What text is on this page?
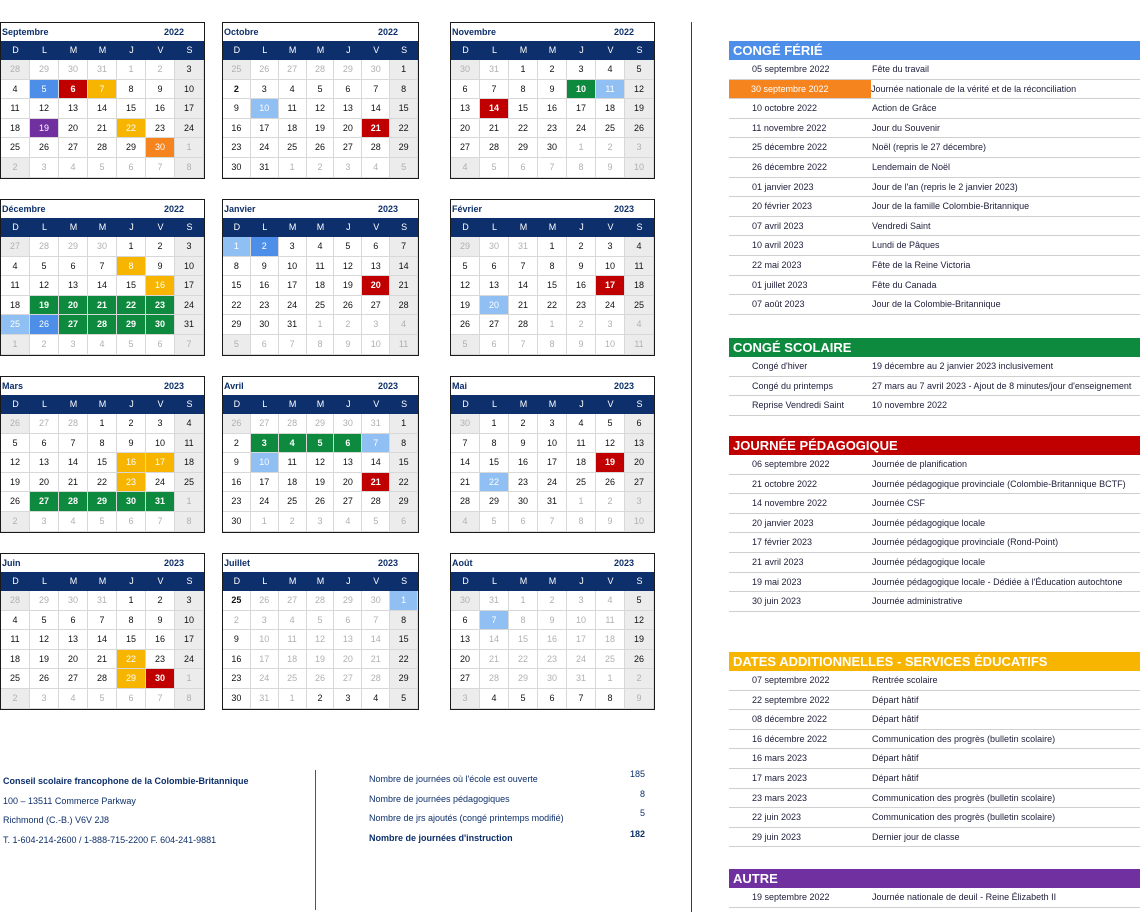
Septembre	2022
D	L	M	M	J	V	S
28	29	30	31	1	2	3
4	5	6	7	8	9	10
11	12	13	14	15	16	17
18	19	20	21	22	23	24
25	26	27	28	29	30	1
2	3	4	5	6	7	8
Octobre	2022
D	L	M	M	J	V	S
25	26	27	28	29	30	1
2	3	4	5	6	7	8
9	10	11	12	13	14	15
16	17	18	19	20	21	22
23	24	25	26	27	28	29
30	31	1	2	3	4	5
Novembre	2022
D	L	M	M	J	V	S
30	31	1	2	3	4	5
6	7	8	9	10	11	12
13	14	15	16	17	18	19
20	21	22	23	24	25	26
27	28	29	30	1	2	3
4	5	6	7	8	9	10
Décembre	2022
D	L	M	M	J	V	S
27	28	29	30	1	2	3
4	5	6	7	8	9	10
11	12	13	14	15	16	17
18	19	20	21	22	23	24
25	26	27	28	29	30	31
1	2	3	4	5	6	7
Janvier	2023
D	L	M	M	J	V	S
1	2	3	4	5	6	7
8	9	10	11	12	13	14
15	16	17	18	19	20	21
22	23	24	25	26	27	28
29	30	31	1	2	3	4
5	6	7	8	9	10	11
Février	2023
D	L	M	M	J	V	S
29	30	31	1	2	3	4
5	6	7	8	9	10	11
12	13	14	15	16	17	18
19	20	21	22	23	24	25
26	27	28	1	2	3	4
5	6	7	8	9	10	11
Mars	2023
D	L	M	M	J	V	S
26	27	28	1	2	3	4
5	6	7	8	9	10	11
12	13	14	15	16	17	18
19	20	21	22	23	24	25
26	27	28	29	30	31	1
2	3	4	5	6	7	8
Avril	2023
D	L	M	M	J	V	S
26	27	28	29	30	31	1
2	3	4	5	6	7	8
9	10	11	12	13	14	15
16	17	18	19	20	21	22
23	24	25	26	27	28	29
30	1	2	3	4	5	6
Mai	2023
D	L	M	M	J	V	S
30	1	2	3	4	5	6
7	8	9	10	11	12	13
14	15	16	17	18	19	20
21	22	23	24	25	26	27
28	29	30	31	1	2	3
4	5	6	7	8	9	10
Juin	2023
D	L	M	M	J	V	S
28	29	30	31	1	2	3
4	5	6	7	8	9	10
11	12	13	14	15	16	17
18	19	20	21	22	23	24
25	26	27	28	29	30	1
2	3	4	5	6	7	8
Juillet	2023
D	L	M	M	J	V	S
25	26	27	28	29	30	1
2	3	4	5	6	7	8
9	10	11	12	13	14	15
16	17	18	19	20	21	22
23	24	25	26	27	28	29
30	31	1	2	3	4	5
Août	2023
D	L	M	M	J	V	S
30	31	1	2	3	4	5
6	7	8	9	10	11	12
13	14	15	16	17	18	19
20	21	22	23	24	25	26
27	28	29	30	31	1	2
3	4	5	6	7	8	9
CONGÉ FÉRIÉ
05 septembre 2022	Fête du travail
30 septembre 2022	Journée nationale de la vérité et de la réconciliation
10 octobre 2022	Action de Grâce
11 novembre 2022	Jour du Souvenir
25 décembre 2022	Noël (repris le 27 décembre)
26 décembre 2022	Lendemain de Noël
01 janvier 2023	Jour de l'an (repris le 2 janvier 2023)
20 février 2023	Jour de la famille Colombie-Britannique
07 avril 2023	Vendredi Saint
10 avril 2023	Lundi de Pâques
22 mai 2023	Fête de la Reine Victoria
01 juillet 2023	Fête du Canada
07 août 2023	Jour de la Colombie-Britannique
CONGÉ SCOLAIRE
Congé d'hiver	19 décembre au 2 janvier 2023 inclusivement
Congé du printemps	27 mars au 7 avril 2023 - Ajout de 8 minutes/jour d'enseignement
Reprise Vendredi Saint	10 novembre 2022
JOURNÉE PÉDAGOGIQUE
06 septembre 2022	Journée de planification
21 octobre 2022	Journée pédagogique provinciale (Colombie-Britannique BCTF)
14 novembre 2022	Journée CSF
20 janvier 2023	Journée pédagogique locale
17 février 2023	Journée pédagogique provinciale (Rond-Point)
21 avril 2023	Journée pédagogique locale
19 mai 2023	Journée pédagogique locale - Dédiée à l'Éducation autochtone
30 juin 2023	Journée administrative
DATES ADDITIONNELLES - SERVICES ÉDUCATIFS
07 septembre 2022	Rentrée scolaire
22 septembre 2022	Départ hâtif
08 décembre 2022	Départ hâtif
16 décembre 2022	Communication des progrès (bulletin scolaire)
16 mars 2023	Départ hâtif
17 mars 2023	Départ hâtif
23 mars 2023	Communication des progrès (bulletin scolaire)
22 juin 2023	Communication des progrès (bulletin scolaire)
29 juin 2023	Dernier jour de classe
AUTRE
19 septembre 2022	Journée nationale de deuil - Reine Élizabeth II
Conseil scolaire francophone de la Colombie-Britannique
100 – 13511 Commerce Parkway
Richmond (C.-B.) V6V 2J8
T. 1-604-214-2600 / 1-888-715-2200 F. 604-241-9881
Nombre de journées où l'école est ouverte	185
Nombre de journées pédagogiques	8
Nombre de jrs ajoutés (congé printemps modifié)	5
Nombre de journées d'instruction	182
